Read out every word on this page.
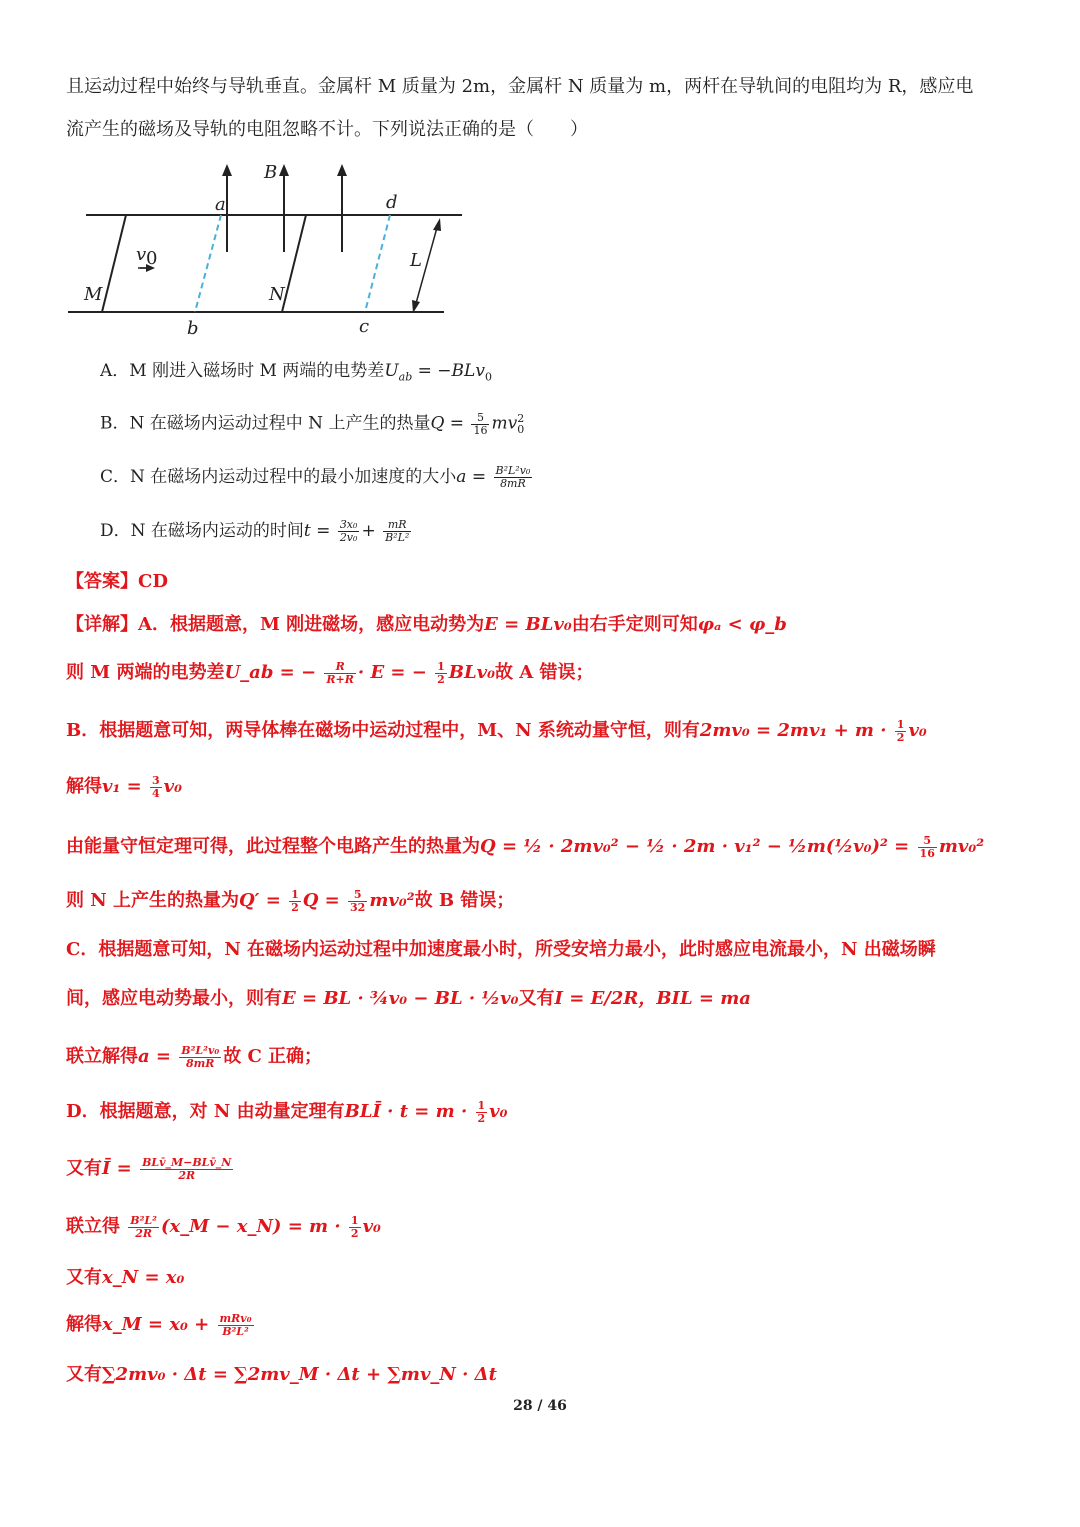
且运动过程中始终与导轨垂直。金属杆 M 质量为 2m，金属杆 N 质量为 m，两杆在导轨间的电阻均为 R，感应电
流产生的磁场及导轨的电阻忽略不计。下列说法正确的是（　　）
B
a	d
v 0	L
M	N
b	c
A．M 刚进入磁场时 M 两端的电势差$U_{ab} = -BLv_0$
B．N 在磁场内运动过程中 N 上产生的热量$Q = \frac{5}{16} mv^2_0$
C．N 在磁场内运动过程中的最小加速度的大小$a = \frac{\text{B²L²v₀}}{8mR}$
D．N 在磁场内运动的时间$t = \frac{\text{3x₀}}{\text{2v₀}} + \frac{mR}{\text{B²L²}}$
【答案】CD
【详解】A．根据题意，M 刚进磁场，感应电动势为E = BLv₀由右手定则可知φₐ < φ_b
则 M 两端的电势差U_ab = − $\frac{R}{R+R} \cdot E$ = − $\frac{1}{2} BLv_0$故 A 错误；
B．根据题意可知，两导体棒在磁场中运动过程中，M、N 系统动量守恒，则有$2mv_0 = 2mv_1 + m \cdot \frac{1}{2} v_0$
解得$v_1 = \frac{3}{4} v_0$
由能量守恒定理可得，此过程整个电路产生的热量为Q = ½ · 2mv₀² − ½ · 2m · v₁² − ½m(½v₀)² = $\frac{5}{16} mv_0^2$
则 N 上产生的热量为$Q' = \frac{1}{2}$ $Q = \frac{5}{32} mv_0^2$故 B 错误；
C．根据题意可知，N 在磁场内运动过程中加速度最小时，所受安培力最小，此时感应电流最小，N 出磁场瞬
间，感应电动势最小，则有E = BL · ¾v₀ − BL · ½v₀又有I = E/2R，BIL = ma
联立解得$a = \frac{\text{B²L²v₀}}{8mR}$ 故 C 正确；
D．根据题意，对 N 由动量定理有BLĪ · $t = m \cdot \frac{1}{2} v_0$
又有Ī = $\frac{\text{BLv̄\_M−BLv̄\_N}}{2R}$
联立得 $\frac{\text{B²L²}}{2R}$ (x_M − x_N) = $m \cdot \frac{1}{2} v_0$
又有x_N = x₀
解得x_M = $x_0 + \frac{\text{mRv₀}}{\text{B²L²}}$
又有∑2mv₀ · Δt = ∑2mv_M · Δt + ∑mv_N · Δt
28 / 46
